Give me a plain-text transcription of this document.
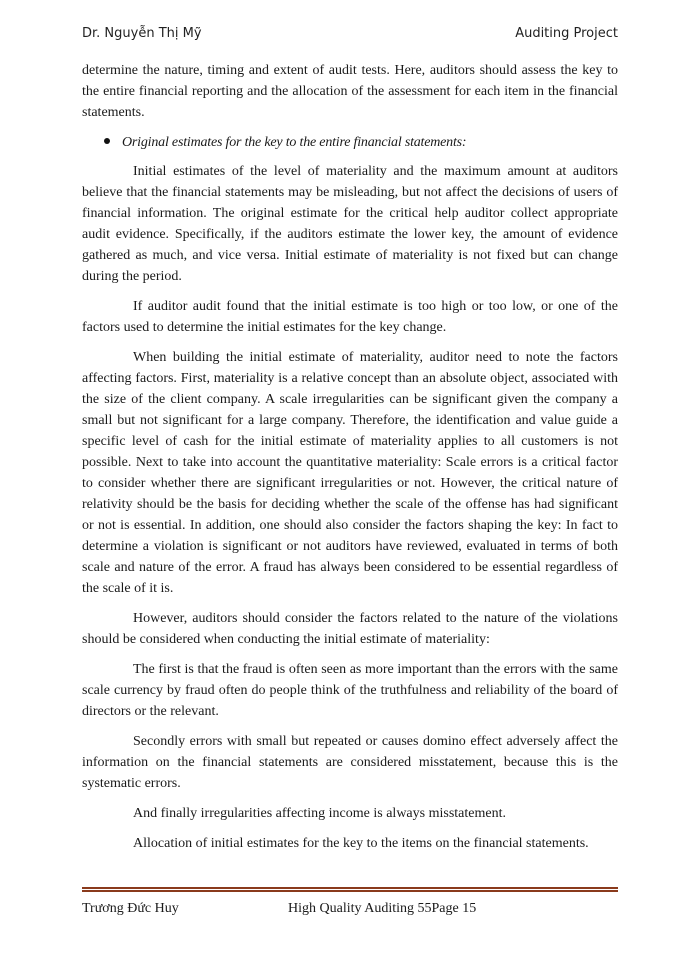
Dr. Nguyễn Thị Mỹ	Auditing Project

determine the nature, timing and extent of audit tests. Here, auditors should assess the key to the entire financial reporting and the allocation of the assessment for each item in the financial statements.

Original estimates for the key to the entire financial statements:

Initial estimates of the level of materiality and the maximum amount at auditors believe that the financial statements may be misleading, but not affect the decisions of users of financial information. The original estimate for the critical help auditor collect appropriate audit evidence. Specifically, if the auditors estimate the lower key, the amount of evidence gathered as much, and vice versa. Initial estimate of materiality is not fixed but can change during the period.

If auditor audit found that the initial estimate is too high or too low, or one of the factors used to determine the initial estimates for the key change.

When building the initial estimate of materiality, auditor need to note the factors affecting factors. First, materiality is a relative concept than an absolute object, associated with the size of the client company. A scale irregularities can be significant given the company a small but not significant for a large company. Therefore, the identification and value guide a specific level of cash for the initial estimate of materiality applies to all customers is not possible. Next to take into account the quantitative materiality: Scale errors is a critical factor to consider whether there are significant irregularities or not. However, the critical nature of relativity should be the basis for deciding whether the scale of the offense has had significant or not is essential. In addition, one should also consider the factors shaping the key: In fact to determine a violation is significant or not auditors have reviewed, evaluated in terms of both scale and nature of the error. A fraud has always been considered to be essential regardless of the scale of it is.

However, auditors should consider the factors related to the nature of the violations should be considered when conducting the initial estimate of materiality:

The first is that the fraud is often seen as more important than the errors with the same scale currency by fraud often do people think of the truthfulness and reliability of the board of directors or the relevant.

Secondly errors with small but repeated or causes domino effect adversely affect the information on the financial statements are considered misstatement, because this is the systematic errors.

And finally irregularities affecting income is always misstatement.

Allocation of initial estimates for the key to the items on the financial statements.

Trương Đức Huy	High Quality Auditing 55Page 15
